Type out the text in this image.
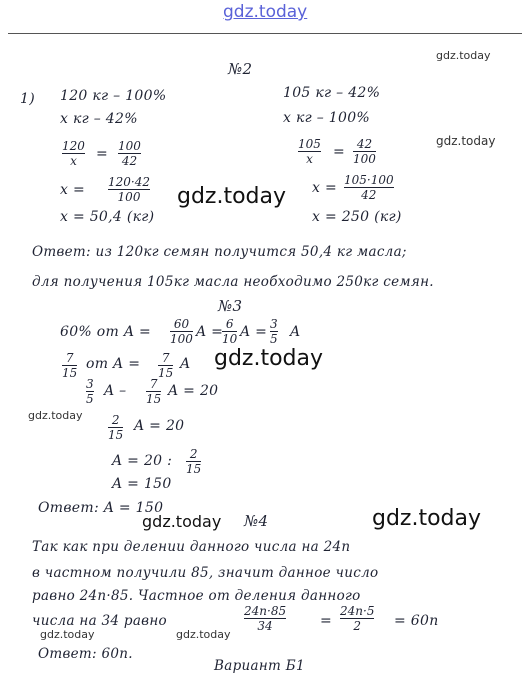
gdz.today
№2
gdz.today
1) 120 кг – 100%
x кг – 42%
120
x = 100
42
x = 120·42
100
x = 50,4 (кг)
105 кг – 42%
x кг – 100%
gdz.today
105
x = 42
100
x = 105·100
42
x = 250 (кг)
gdz.today
Ответ: из 120кг семян получится 50,4 кг масла;
для получения 105кг масла необходимо 250кг семян.
№3
60% от A = 60
100 A = 6
10 A = 3
5 A
7
15
от A = 7
15
A gdz.today
3
5 A – 7
15 A = 20
gdz.today 2
15
A = 20
A = 20 : 2
15
A = 150
Ответ: A = 150
gdz.today №4	gdz.today
Так как при делении данного числа на 24n
в частном получили 85, значит данное число
равно 24n·85. Частное от деления данного
числа на 34 равно
24n·85
34	=
24n·5
2 = 60n
gdz.today	gdz.today
Ответ: 60n.
Вариант Б1
